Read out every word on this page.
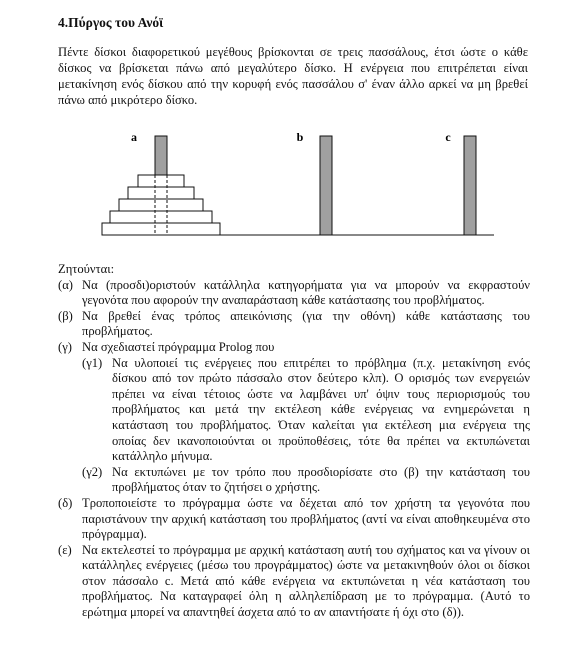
4.Πύργος του Ανόϊ

Πέντε δίσκοι διαφορετικού μεγέθους βρίσκονται σε τρεις πασσάλους, έτσι ώστε ο κάθε δίσκος να βρίσκεται πάνω από μεγαλύτερο δίσκο. Η ενέργεια που επιτρέπεται είναι μετακίνηση ενός δίσκου από την κορυφή ενός πασσάλου σ' έναν άλλο αρκεί να μη βρεθεί πάνω από μικρότερο δίσκο.

a	b	c

Ζητούνται:

(α) Να (προσδι)οριστούν κατάλληλα κατηγορήματα για να μπορούν να εκφραστούν γεγονότα που αφορούν την αναπαράσταση κάθε κατάστασης του προβλήματος.

(β) Να βρεθεί ένας τρόπος απεικόνισης (για την οθόνη) κάθε κατάστασης του προβλήματος.

(γ) Να σχεδιαστεί πρόγραμμα Prolog που

(γ1) Να υλοποιεί τις ενέργειες που επιτρέπει το πρόβλημα (π.χ. μετακίνηση ενός δίσκου από τον πρώτο πάσσαλο στον δεύτερο κλπ). Ο ορισμός των ενεργειών πρέπει να είναι τέτοιος ώστε να λαμβάνει υπ' όψιν τους περιορισμούς του προβλήματος και μετά την εκτέλεση κάθε ενέργειας να ενημερώνεται η κατάσταση του προβλήματος. Όταν καλείται για εκτέλεση μια ενέργεια της οποίας δεν ικανοποιούνται οι προϋποθέσεις, τότε θα πρέπει να εκτυπώνεται κατάλληλο μήνυμα.

(γ2) Να εκτυπώνει με τον τρόπο που προσδιορίσατε στο (β) την κατάσταση του προβλήματος όταν το ζητήσει ο χρήστης.

(δ) Τροποποιείστε το πρόγραμμα ώστε να δέχεται από τον χρήστη τα γεγονότα που παριστάνουν την αρχική κατάσταση του προβλήματος (αντί να είναι αποθηκευμένα στο πρόγραμμα).

(ε) Να εκτελεστεί το πρόγραμμα με αρχική κατάσταση αυτή του σχήματος και να γίνουν οι κατάλληλες ενέργειες (μέσω του προγράμματος) ώστε να μετακινηθούν όλοι οι δίσκοι στον πάσσαλο c. Μετά από κάθε ενέργεια να εκτυπώνεται η νέα κατάσταση του προβλήματος. Να καταγραφεί όλη η αλληλεπίδραση με το πρόγραμμα. (Αυτό το ερώτημα μπορεί να απαντηθεί άσχετα από το αν απαντήσατε ή όχι στο (δ)).
